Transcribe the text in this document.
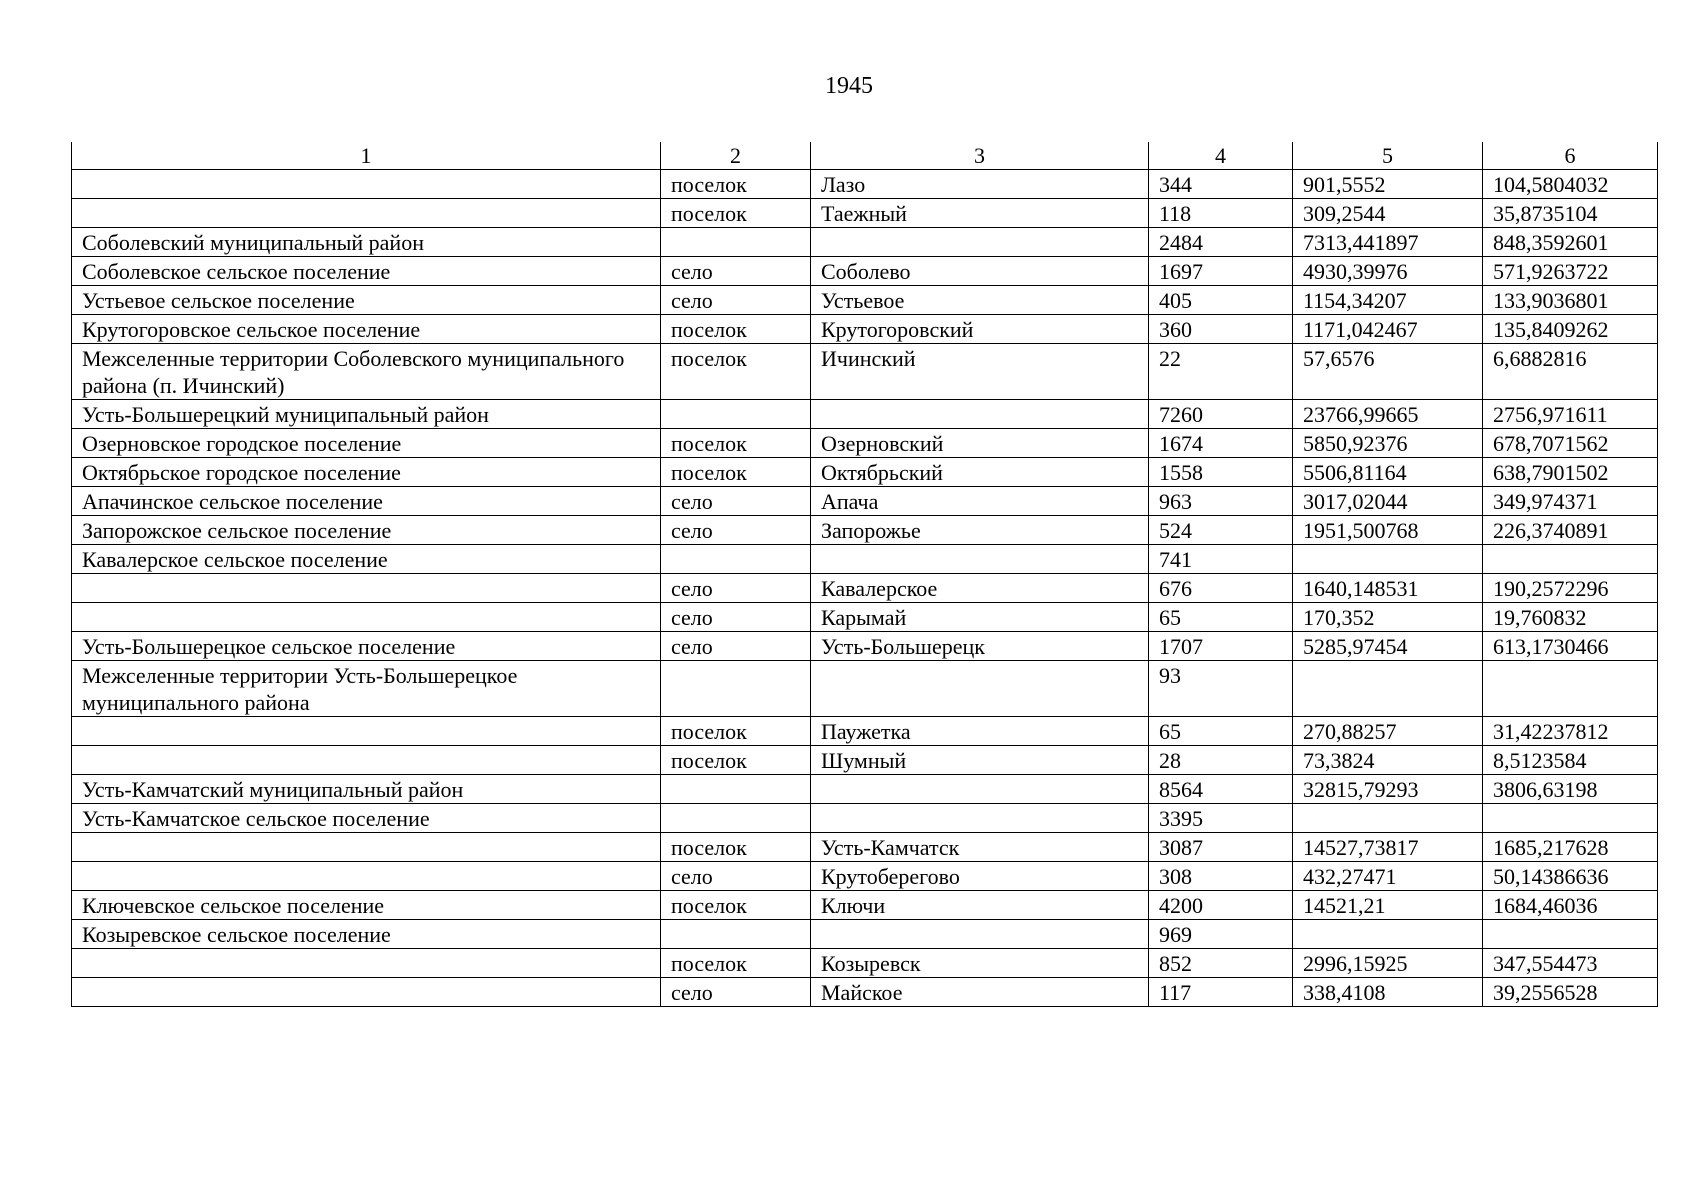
1945
1	2	3	4	5	6
	поселок	Лазо	344	901,5552	104,5804032
	поселок	Таежный	118	309,2544	35,8735104
Соболевский муниципальный район			2484	7313,441897	848,3592601
Соболевское сельское поселение	село	Соболево	1697	4930,39976	571,9263722
Устьевое сельское поселение	село	Устьевое	405	1154,34207	133,9036801
Крутогоровское сельское поселение	поселок	Крутогоровский	360	1171,042467	135,8409262
Межселенные территории Соболевского муниципального района (п. Ичинский)	поселок	Ичинский	22	57,6576	6,6882816
Усть-Большерецкий муниципальный район			7260	23766,99665	2756,971611
Озерновское городское поселение	поселок	Озерновский	1674	5850,92376	678,7071562
Октябрьское городское поселение	поселок	Октябрьский	1558	5506,81164	638,7901502
Апачинское сельское поселение	село	Апача	963	3017,02044	349,974371
Запорожское сельское поселение	село	Запорожье	524	1951,500768	226,3740891
Кавалерское сельское поселение			741		
	село	Кавалерское	676	1640,148531	190,2572296
	село	Карымай	65	170,352	19,760832
Усть-Большерецкое сельское поселение	село	Усть-Большерецк	1707	5285,97454	613,1730466
Межселенные территории Усть-Большерецкое муниципального района			93		
	поселок	Паужетка	65	270,88257	31,42237812
	поселок	Шумный	28	73,3824	8,5123584
Усть-Камчатский муниципальный район			8564	32815,79293	3806,63198
Усть-Камчатское сельское поселение			3395		
	поселок	Усть-Камчатск	3087	14527,73817	1685,217628
	село	Крутоберегово	308	432,27471	50,14386636
Ключевское сельское поселение	поселок	Ключи	4200	14521,21	1684,46036
Козыревское сельское поселение			969		
	поселок	Козыревск	852	2996,15925	347,554473
	село	Майское	117	338,4108	39,2556528
